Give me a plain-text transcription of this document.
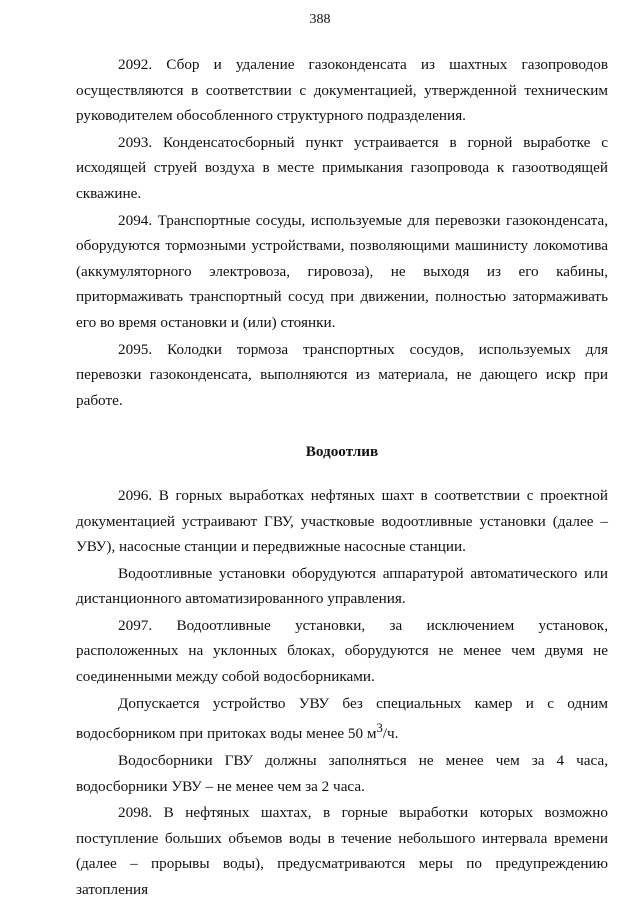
388

2092. Сбор и удаление газоконденсата из шахтных газопроводов осуществляются в соответствии с документацией, утвержденной техническим руководителем обособленного структурного подразделения.

2093. Конденсатосборный пункт устраивается в горной выработке с исходящей струей воздуха в месте примыкания газопровода к газоотводящей скважине.

2094. Транспортные сосуды, используемые для перевозки газоконденсата, оборудуются тормозными устройствами, позволяющими машинисту локомотива (аккумуляторного электровоза, гировоза), не выходя из его кабины, притормаживать транспортный сосуд при движении, полностью затормаживать его во время остановки и (или) стоянки.

2095. Колодки тормоза транспортных сосудов, используемых для перевозки газоконденсата, выполняются из материала, не дающего искр при работе.

Водоотлив

2096. В горных выработках нефтяных шахт в соответствии с проектной документацией устраивают ГВУ, участковые водоотливные установки (далее – УВУ), насосные станции и передвижные насосные станции.

Водоотливные установки оборудуются аппаратурой автоматического или дистанционного автоматизированного управления.

2097. Водоотливные установки, за исключением установок, расположенных на уклонных блоках, оборудуются не менее чем двумя не соединенными между собой водосборниками.

Допускается устройство УВУ без специальных камер и с одним водосборником при притоках воды менее 50 $м^3/ч$.

Водосборники ГВУ должны заполняться не менее чем за 4 часа, водосборники УВУ – не менее чем за 2 часа.

2098. В нефтяных шахтах, в горные выработки которых возможно поступление больших объемов воды в течение небольшого интервала времени (далее – прорывы воды), предусматриваются меры по предупреждению затопления
